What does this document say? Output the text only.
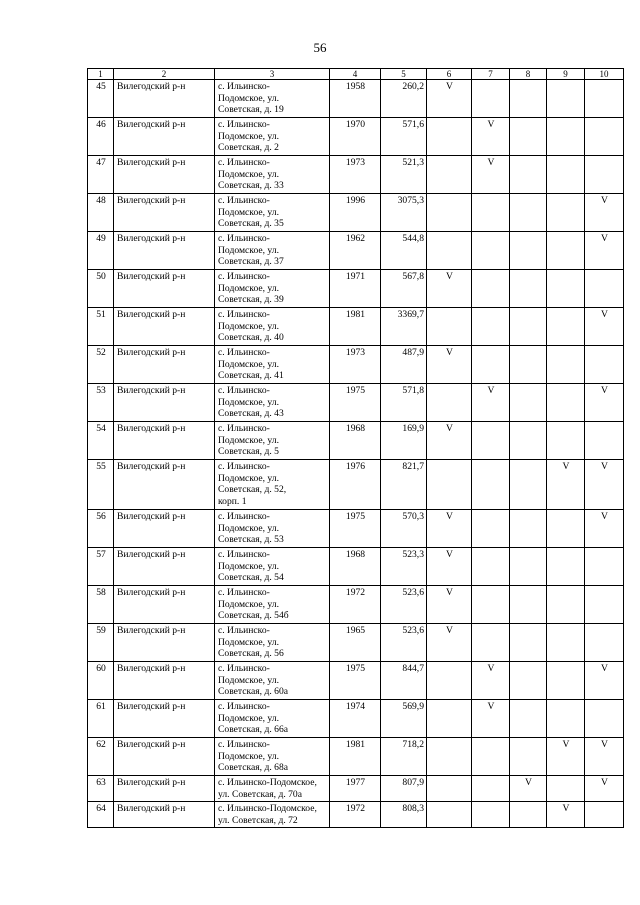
56
1	2	3	4	5	6	7	8	9	10
45	Вилегодский р-н	с. Ильинско-
Подомское, ул.
Советская, д. 19	1958	260,2	V				
46	Вилегодский р-н	с. Ильинско-
Подомское, ул.
Советская, д. 2	1970	571,6		V			
47	Вилегодский р-н	с. Ильинско-
Подомское, ул.
Советская, д. 33	1973	521,3		V			
48	Вилегодский р-н	с. Ильинско-
Подомское, ул.
Советская, д. 35	1996	3075,3					V
49	Вилегодский р-н	с. Ильинско-
Подомское, ул.
Советская, д. 37	1962	544,8					V
50	Вилегодский р-н	с. Ильинско-
Подомское, ул.
Советская, д. 39	1971	567,8	V				
51	Вилегодский р-н	с. Ильинско-
Подомское, ул.
Советская, д. 40	1981	3369,7					V
52	Вилегодский р-н	с. Ильинско-
Подомское, ул.
Советская, д. 41	1973	487,9	V				
53	Вилегодский р-н	с. Ильинско-
Подомское, ул.
Советская, д. 43	1975	571,8		V			V
54	Вилегодский р-н	с. Ильинско-
Подомское, ул.
Советская, д. 5	1968	169,9	V				
55	Вилегодский р-н	с. Ильинско-
Подомское, ул.
Советская, д. 52,
корп. 1	1976	821,7				V	V
56	Вилегодский р-н	с. Ильинско-
Подомское, ул.
Советская, д. 53	1975	570,3	V				V
57	Вилегодский р-н	с. Ильинско-
Подомское, ул.
Советская, д. 54	1968	523,3	V				
58	Вилегодский р-н	с. Ильинско-
Подомское, ул.
Советская, д. 54б	1972	523,6	V				
59	Вилегодский р-н	с. Ильинско-
Подомское, ул.
Советская, д. 56	1965	523,6	V				
60	Вилегодский р-н	с. Ильинско-
Подомское, ул.
Советская, д. 60а	1975	844,7		V			V
61	Вилегодский р-н	с. Ильинско-
Подомское, ул.
Советская, д. 66а	1974	569,9		V			
62	Вилегодский р-н	с. Ильинско-
Подомское, ул.
Советская, д. 68а	1981	718,2				V	V
63	Вилегодский р-н	с. Ильинско-Подомское,
ул. Советская, д. 70а	1977	807,9			V		V
64	Вилегодский р-н	с. Ильинско-Подомское,
ул. Советская, д. 72	1972	808,3				V	
